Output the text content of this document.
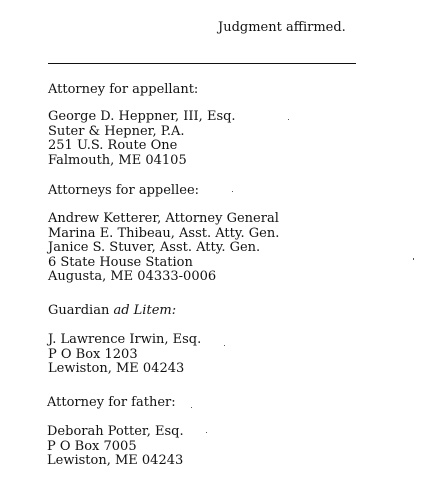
Judgment affirmed.
Attorney for appellant:
George D. Heppner, III, Esq.
Suter & Hepner, P.A.
251 U.S. Route One
Falmouth, ME 04105
Attorneys for appellee:
Andrew Ketterer, Attorney General
Marina E. Thibeau, Asst. Atty. Gen.
Janice S. Stuver, Asst. Atty. Gen.
6 State House Station
Augusta, ME 04333-0006
Guardian ad Litem:
J. Lawrence Irwin, Esq.
P O Box 1203
Lewiston, ME 04243
Attorney for father:
Deborah Potter, Esq.
P O Box 7005
Lewiston, ME 04243
